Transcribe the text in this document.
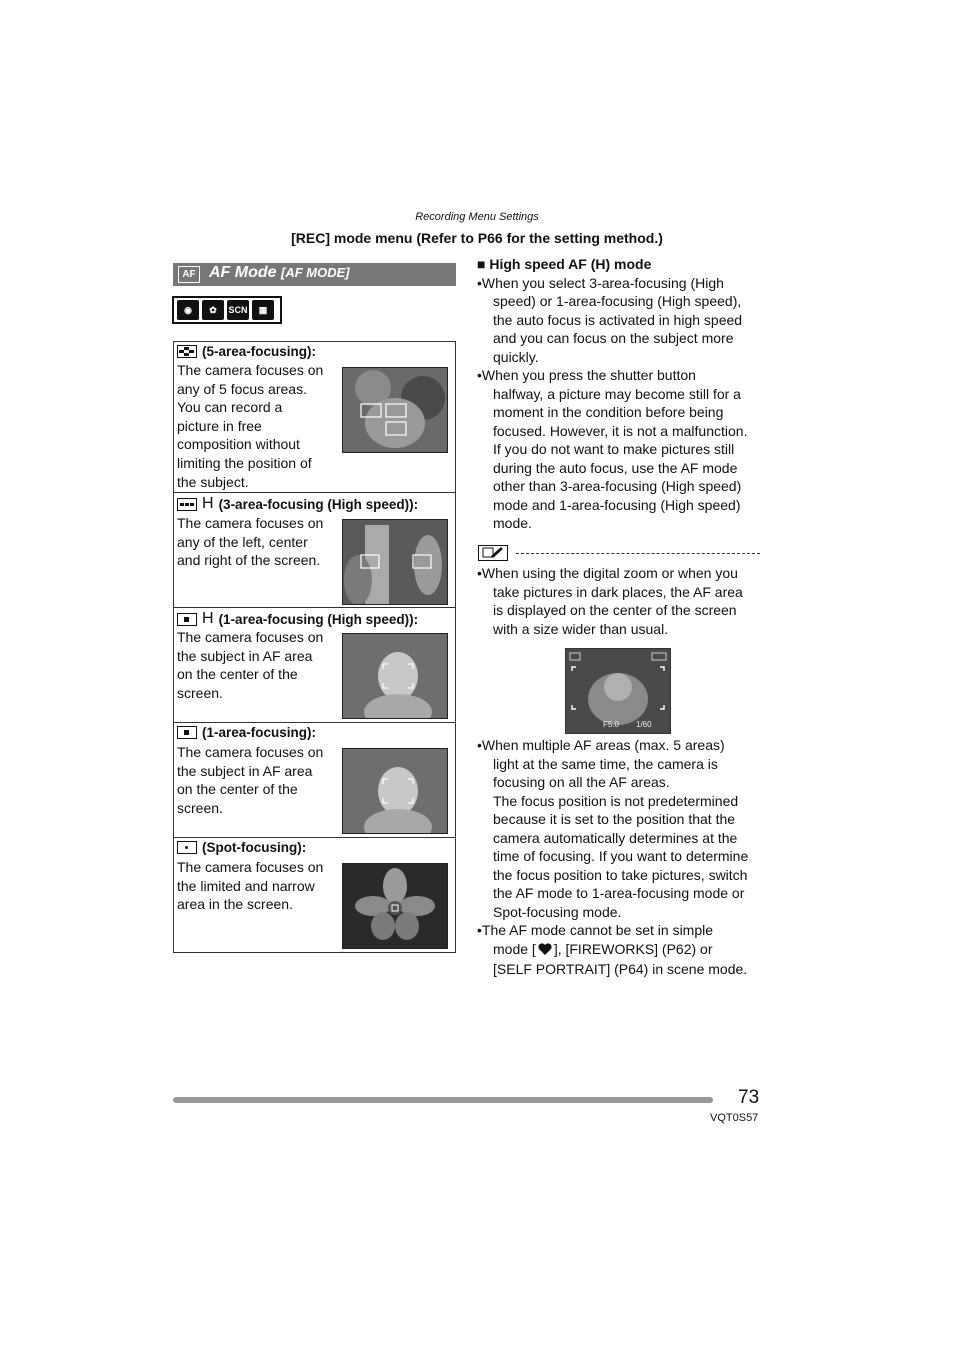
Recording Menu Settings
[REC] mode menu (Refer to P66 for the setting method.)
AF AF Mode [AF MODE]
◉	✿	SCN	▦
(5-area-focusing):
The camera focuses on
any of 5 focus areas.
You can record a
picture in free
composition without
limiting the position of
the subject.
H (3-area-focusing (High speed)):
The camera focuses on
any of the left, center
and right of the screen.
H (1-area-focusing (High speed)):
The camera focuses on
the subject in AF area
on the center of the
screen.
(1-area-focusing):
The camera focuses on
the subject in AF area
on the center of the
screen.
(Spot-focusing):
The camera focuses on
the limited and narrow
area in the screen.
■ High speed AF (H) mode
•When you select 3-area-focusing (High
speed) or 1-area-focusing (High speed),
the auto focus is activated in high speed
and you can focus on the subject more
quickly.
•When you press the shutter button
halfway, a picture may become still for a
moment in the condition before being
focused. However, it is not a malfunction.
If you do not want to make pictures still
during the auto focus, use the AF mode
other than 3-area-focusing (High speed)
mode and 1-area-focusing (High speed)
mode.
•When using the digital zoom or when you
take pictures in dark places, the AF area
is displayed on the center of the screen
with a size wider than usual.
F5.0 1/60
•When multiple AF areas (max. 5 areas)
light at the same time, the camera is
focusing on all the AF areas.
The focus position is not predetermined
because it is set to the position that the
camera automatically determines at the
time of focusing. If you want to determine
the focus position to take pictures, switch
the AF mode to 1-area-focusing mode or
Spot-focusing mode.
•The AF mode cannot be set in simple
mode [ ], [FIREWORKS] (P62) or
[SELF PORTRAIT] (P64) in scene mode.
73
VQT0S57
